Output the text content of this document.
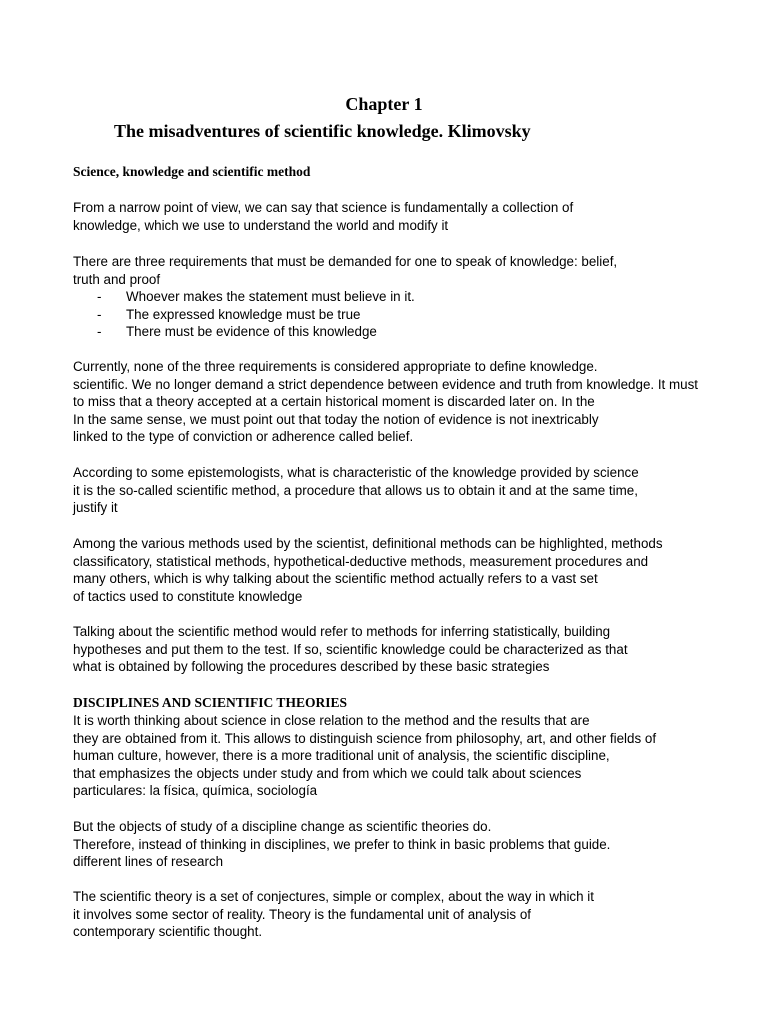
Chapter 1
The misadventures of scientific knowledge. Klimovsky
Science, knowledge and scientific method
From a narrow point of view, we can say that science is fundamentally a collection of
knowledge, which we use to understand the world and modify it
There are three requirements that must be demanded for one to speak of knowledge: belief,
truth and proof
- Whoever makes the statement must believe in it.
- The expressed knowledge must be true
- There must be evidence of this knowledge
Currently, none of the three requirements is considered appropriate to define knowledge.
scientific. We no longer demand a strict dependence between evidence and truth from knowledge. It must
to miss that a theory accepted at a certain historical moment is discarded later on. In the
In the same sense, we must point out that today the notion of evidence is not inextricably
linked to the type of conviction or adherence called belief.
According to some epistemologists, what is characteristic of the knowledge provided by science
it is the so-called scientific method, a procedure that allows us to obtain it and at the same time,
justify it
Among the various methods used by the scientist, definitional methods can be highlighted, methods
classificatory, statistical methods, hypothetical-deductive methods, measurement procedures and
many others, which is why talking about the scientific method actually refers to a vast set
of tactics used to constitute knowledge
Talking about the scientific method would refer to methods for inferring statistically, building
hypotheses and put them to the test. If so, scientific knowledge could be characterized as that
what is obtained by following the procedures described by these basic strategies
DISCIPLINES AND SCIENTIFIC THEORIES
It is worth thinking about science in close relation to the method and the results that are
they are obtained from it. This allows to distinguish science from philosophy, art, and other fields of
human culture, however, there is a more traditional unit of analysis, the scientific discipline,
that emphasizes the objects under study and from which we could talk about sciences
particulares: la física, química, sociología
But the objects of study of a discipline change as scientific theories do.
Therefore, instead of thinking in disciplines, we prefer to think in basic problems that guide.
different lines of research
The scientific theory is a set of conjectures, simple or complex, about the way in which it
it involves some sector of reality. Theory is the fundamental unit of analysis of
contemporary scientific thought.
